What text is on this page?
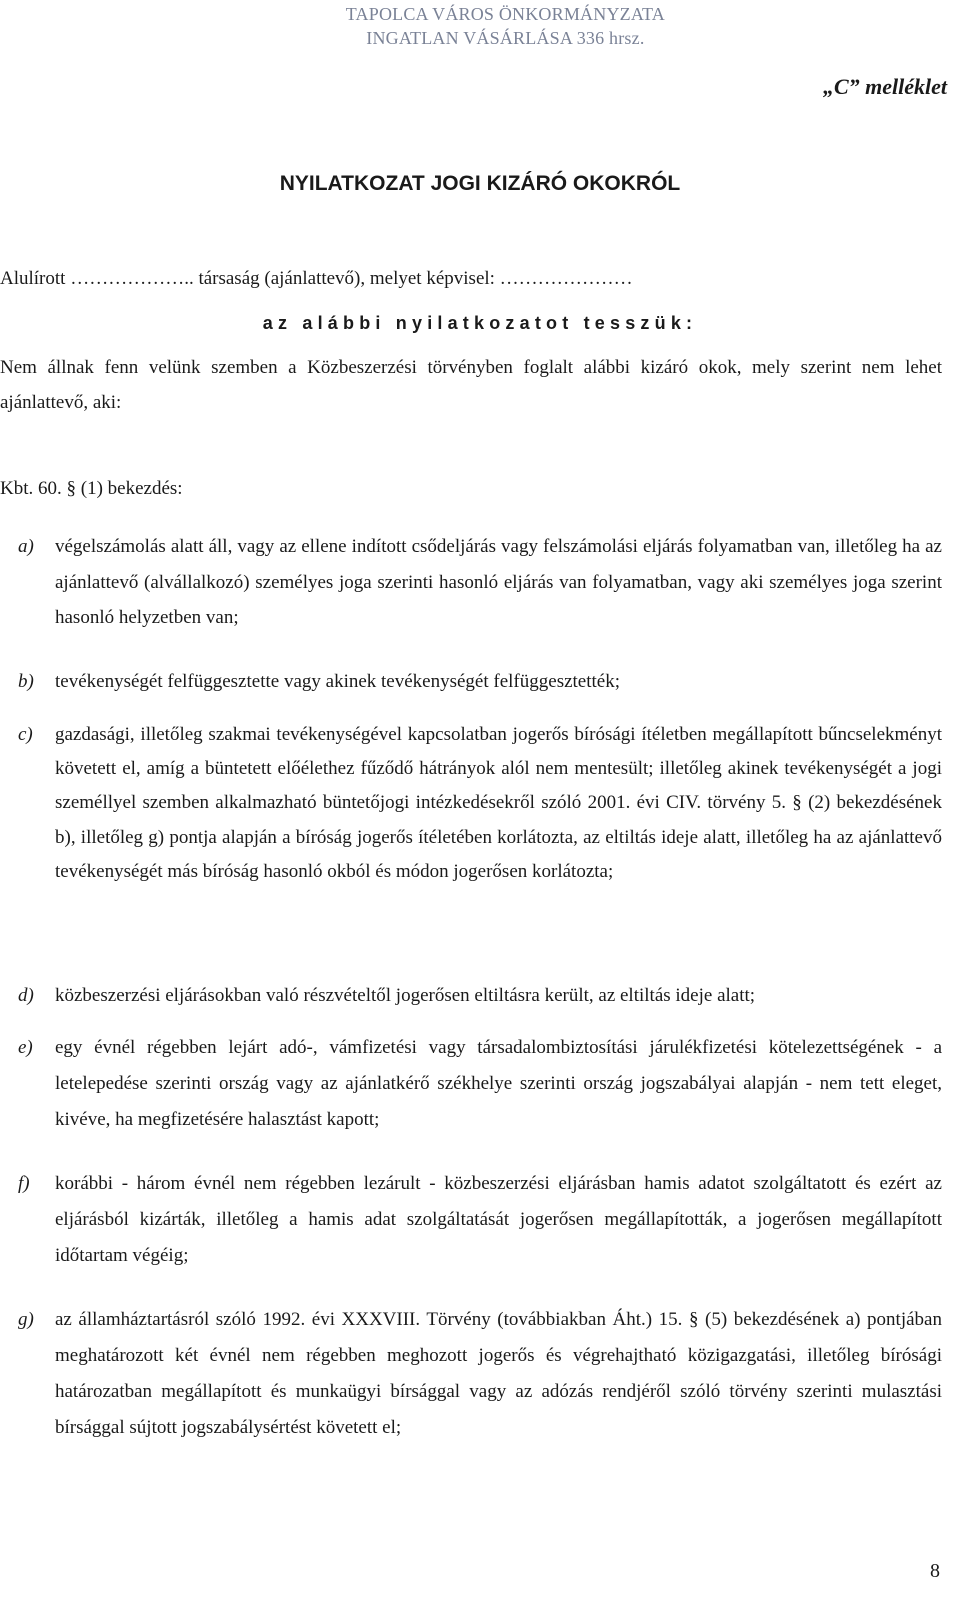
TAPOLCA VÁROS ÖNKORMÁNYZATA
INGATLAN VÁSÁRLÁSA 336 hrsz.
„C” melléklet
NYILATKOZAT JOGI KIZÁRÓ OKOKRÓL
Alulírott ……………….. társaság (ajánlattevő), melyet képvisel: …………………
az alábbi nyilatkozatot tesszük:
Nem állnak fenn velünk szemben a Közbeszerzési törvényben foglalt alábbi kizáró okok, mely szerint nem lehet ajánlattevő, aki:
Kbt. 60. § (1) bekezdés:
a) végelszámolás alatt áll, vagy az ellene indított csődeljárás vagy felszámolási eljárás folyamatban van, illetőleg ha az ajánlattevő (alvállalkozó) személyes joga szerinti hasonló eljárás van folyamatban, vagy aki személyes joga szerint hasonló helyzetben van;

b) tevékenységét felfüggesztette vagy akinek tevékenységét felfüggesztették;

c) gazdasági, illetőleg szakmai tevékenységével kapcsolatban jogerős bírósági ítéletben megállapított bűncselekményt követett el, amíg a büntetett előélethez fűződő hátrányok alól nem mentesült; illetőleg akinek tevékenységét a jogi személlyel szemben alkalmazható büntetőjogi intézkedésekről szóló 2001. évi CIV. törvény 5. § (2) bekezdésének b), illetőleg g) pontja alapján a bíróság jogerős ítéletében korlátozta, az eltiltás ideje alatt, illetőleg ha az ajánlattevő tevékenységét más bíróság hasonló okból és módon jogerősen korlátozta;

d) közbeszerzési eljárásokban való részvételtől jogerősen eltiltásra került, az eltiltás ideje alatt;

e) egy évnél régebben lejárt adó-, vámfizetési vagy társadalombiztosítási járulékfizetési kötelezettségének - a letelepedése szerinti ország vagy az ajánlatkérő székhelye szerinti ország jogszabályai alapján - nem tett eleget, kivéve, ha megfizetésére halasztást kapott;

f) korábbi - három évnél nem régebben lezárult - közbeszerzési eljárásban hamis adatot szolgáltatott és ezért az eljárásból kizárták, illetőleg a hamis adat szolgáltatását jogerősen megállapították, a jogerősen megállapított időtartam végéig;

g) az államháztartásról szóló 1992. évi XXXVIII. Törvény (továbbiakban Áht.) 15. § (5) bekezdésének a) pontjában meghatározott két évnél nem régebben meghozott jogerős és végrehajtható közigazgatási, illetőleg bírósági határozatban megállapított és munkaügyi bírsággal vagy az adózás rendjéről szóló törvény szerinti mulasztási bírsággal sújtott jogszabálysértést követett el;

8
